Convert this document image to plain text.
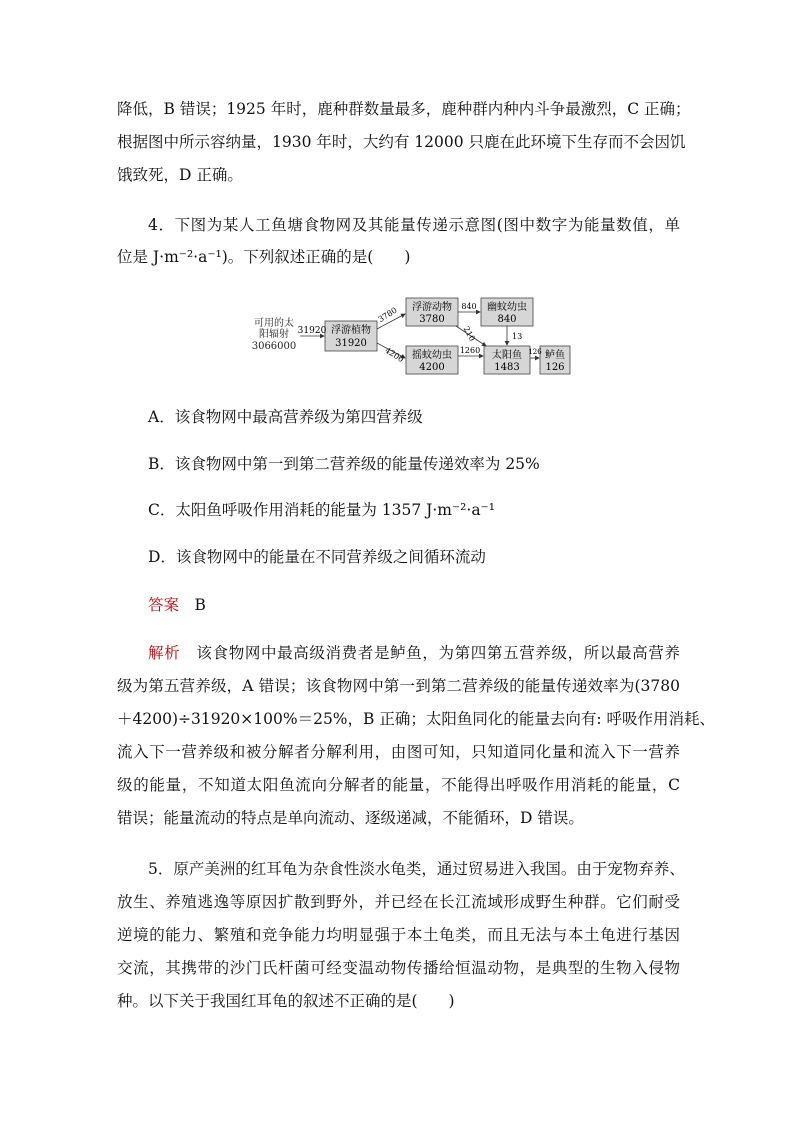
降低，B 错误；1925 年时，鹿种群数量最多，鹿种群内种内斗争最激烈，C 正确；
根据图中所示容纳量，1930 年时，大约有 12000 只鹿在此环境下生存而不会因饥
饿致死，D 正确。
4．下图为某人工鱼塘食物网及其能量传递示意图(图中数字为能量数值，单
位是 J·m⁻²·a⁻¹)。下列叙述正确的是(　　)
可用的太
阳辐射
3066000
浮游植物
31920
浮游动物
3780
幽蚊幼虫
840
摇蚊幼虫
4200
太阳鱼
1483
鲈鱼
126
31920
3780
4200
840
210	13
1260	126
A．该食物网中最高营养级为第四营养级
B．该食物网中第一到第二营养级的能量传递效率为 25%
C．太阳鱼呼吸作用消耗的能量为 1357 J·m⁻²·a⁻¹
D．该食物网中的能量在不同营养级之间循环流动
答案　 B
解析　 该食物网中最高级消费者是鲈鱼，为第四第五营养级，所以最高营养
级为第五营养级，A 错误；该食物网中第一到第二营养级的能量传递效率为(3780
＋4200)÷31920×100%＝25%，B 正确；太阳鱼同化的能量去向有: 呼吸作用消耗、
流入下一营养级和被分解者分解利用，由图可知，只知道同化量和流入下一营养
级的能量，不知道太阳鱼流向分解者的能量，不能得出呼吸作用消耗的能量，C
错误；能量流动的特点是单向流动、逐级递减，不能循环，D 错误。
5．原产美洲的红耳龟为杂食性淡水龟类，通过贸易进入我国。由于宠物弃养、
放生、养殖逃逸等原因扩散到野外，并已经在长江流域形成野生种群。它们耐受
逆境的能力、繁殖和竞争能力均明显强于本土龟类，而且无法与本土龟进行基因
交流，其携带的沙门氏杆菌可经变温动物传播给恒温动物，是典型的生物入侵物
种。以下关于我国红耳龟的叙述不正确的是(　　)
